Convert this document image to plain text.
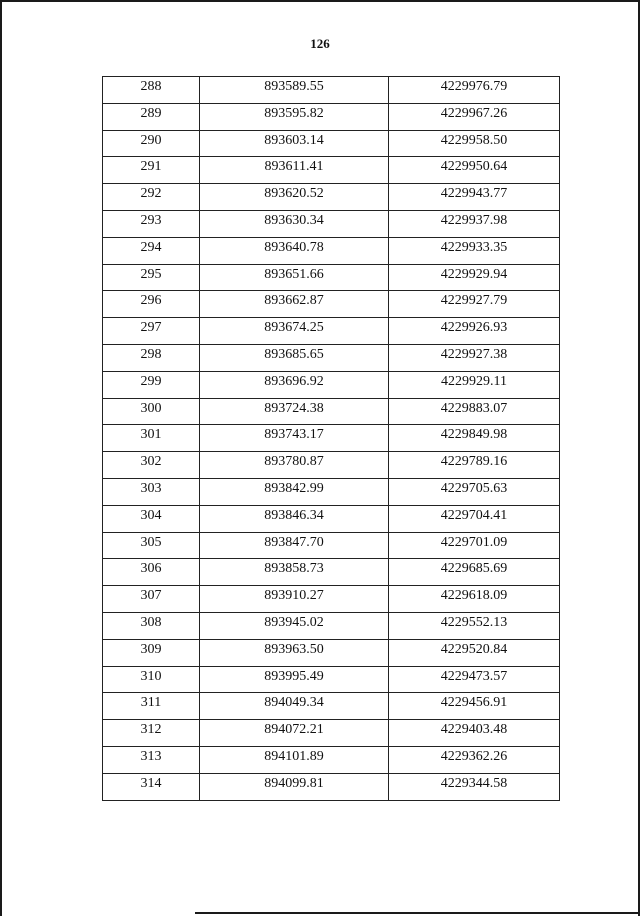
126
288	893589.55	4229976.79
289	893595.82	4229967.26
290	893603.14	4229958.50
291	893611.41	4229950.64
292	893620.52	4229943.77
293	893630.34	4229937.98
294	893640.78	4229933.35
295	893651.66	4229929.94
296	893662.87	4229927.79
297	893674.25	4229926.93
298	893685.65	4229927.38
299	893696.92	4229929.11
300	893724.38	4229883.07
301	893743.17	4229849.98
302	893780.87	4229789.16
303	893842.99	4229705.63
304	893846.34	4229704.41
305	893847.70	4229701.09
306	893858.73	4229685.69
307	893910.27	4229618.09
308	893945.02	4229552.13
309	893963.50	4229520.84
310	893995.49	4229473.57
311	894049.34	4229456.91
312	894072.21	4229403.48
313	894101.89	4229362.26
314	894099.81	4229344.58
